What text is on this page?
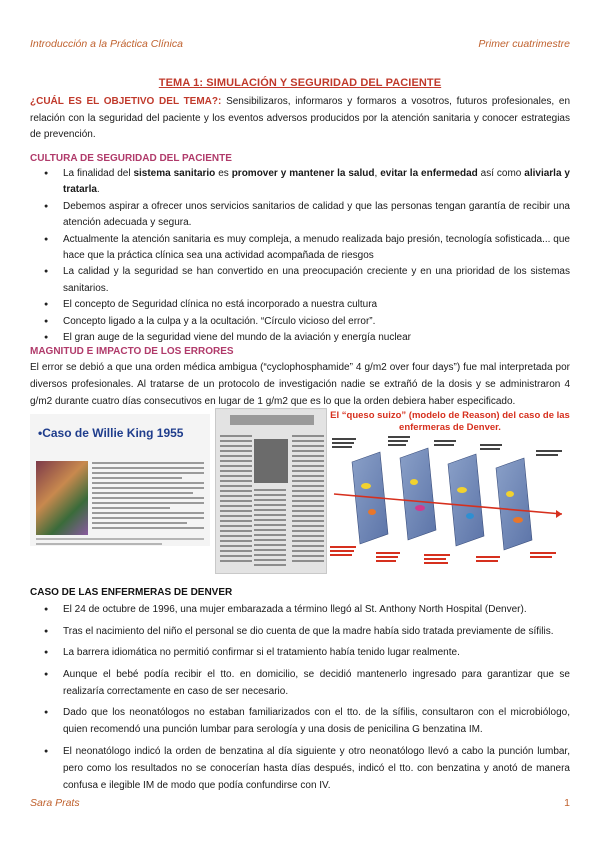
Introducción a la Práctica Clínica	Primer cuatrimestre
TEMA 1: SIMULACIÓN Y SEGURIDAD DEL PACIENTE
¿CUÁL ES EL OBJETIVO DEL TEMA?: Sensibilizaros, informaros y formaros a vosotros, futuros profesionales, en relación con la seguridad del paciente y los eventos adversos producidos por la atención sanitaria y conocer estrategias de prevención.
CULTURA DE SEGURIDAD DEL PACIENTE
● La finalidad del sistema sanitario es promover y mantener la salud, evitar la enfermedad así como aliviarla y tratarla.
● Debemos aspirar a ofrecer unos servicios sanitarios de calidad y que las personas tengan garantía de recibir una atención adecuada y segura.
● Actualmente la atención sanitaria es muy compleja, a menudo realizada bajo presión, tecnología sofisticada... que hace que la práctica clínica sea una actividad acompañada de riesgos
● La calidad y la seguridad se han convertido en una preocupación creciente y en una prioridad de los sistemas sanitarios.
● El concepto de Seguridad clínica no está incorporado a nuestra cultura
● Concepto ligado a la culpa y a la ocultación. “Círculo vicioso del error”.
● El gran auge de la seguridad viene del mundo de la aviación y energía nuclear
MAGNITUD E IMPACTO DE LOS ERRORES
El error se debió a que una orden médica ambigua (“cyclophosphamide” 4 g/m2 over four days”) fue mal interpretada por diversos profesionales. Al tratarse de un protocolo de investigación nadie se extrañó de la dosis y se administraron 4 g/m2 durante cuatro días consecutivos en lugar de 1 g/m2 que es lo que la orden debiera haber especificado.
•Caso de Willie King 1955
El “queso suizo” (modelo de Reason) del caso de las
enfermeras de Denver.
CASO DE LAS ENFERMERAS DE DENVER
● El 24 de octubre de 1996, una mujer embarazada a término llegó al St. Anthony North Hospital (Denver).
● Tras el nacimiento del niño el personal se dio cuenta de que la madre había sido tratada previamente de sífilis.
● La barrera idiomática no permitió confirmar si el tratamiento había tenido lugar realmente.
● Aunque el bebé podía recibir el tto. en domicilio, se decidió mantenerlo ingresado para garantizar que se realizaría correctamente en caso de ser necesario.
● Dado que los neonatólogos no estaban familiarizados con el tto. de la sífilis, consultaron con el microbiólogo, quien recomendó una punción lumbar para serología y una dosis de penicilina G benzatina IM.
● El neonatólogo indicó la orden de benzatina al día siguiente y otro neonatólogo llevó a cabo la punción lumbar, pero como los resultados no se conocerían hasta días después, indicó el tto. con benzatina y anotó de manera confusa e ilegible IM de modo que podía confundirse con IV.
Sara Prats	1
